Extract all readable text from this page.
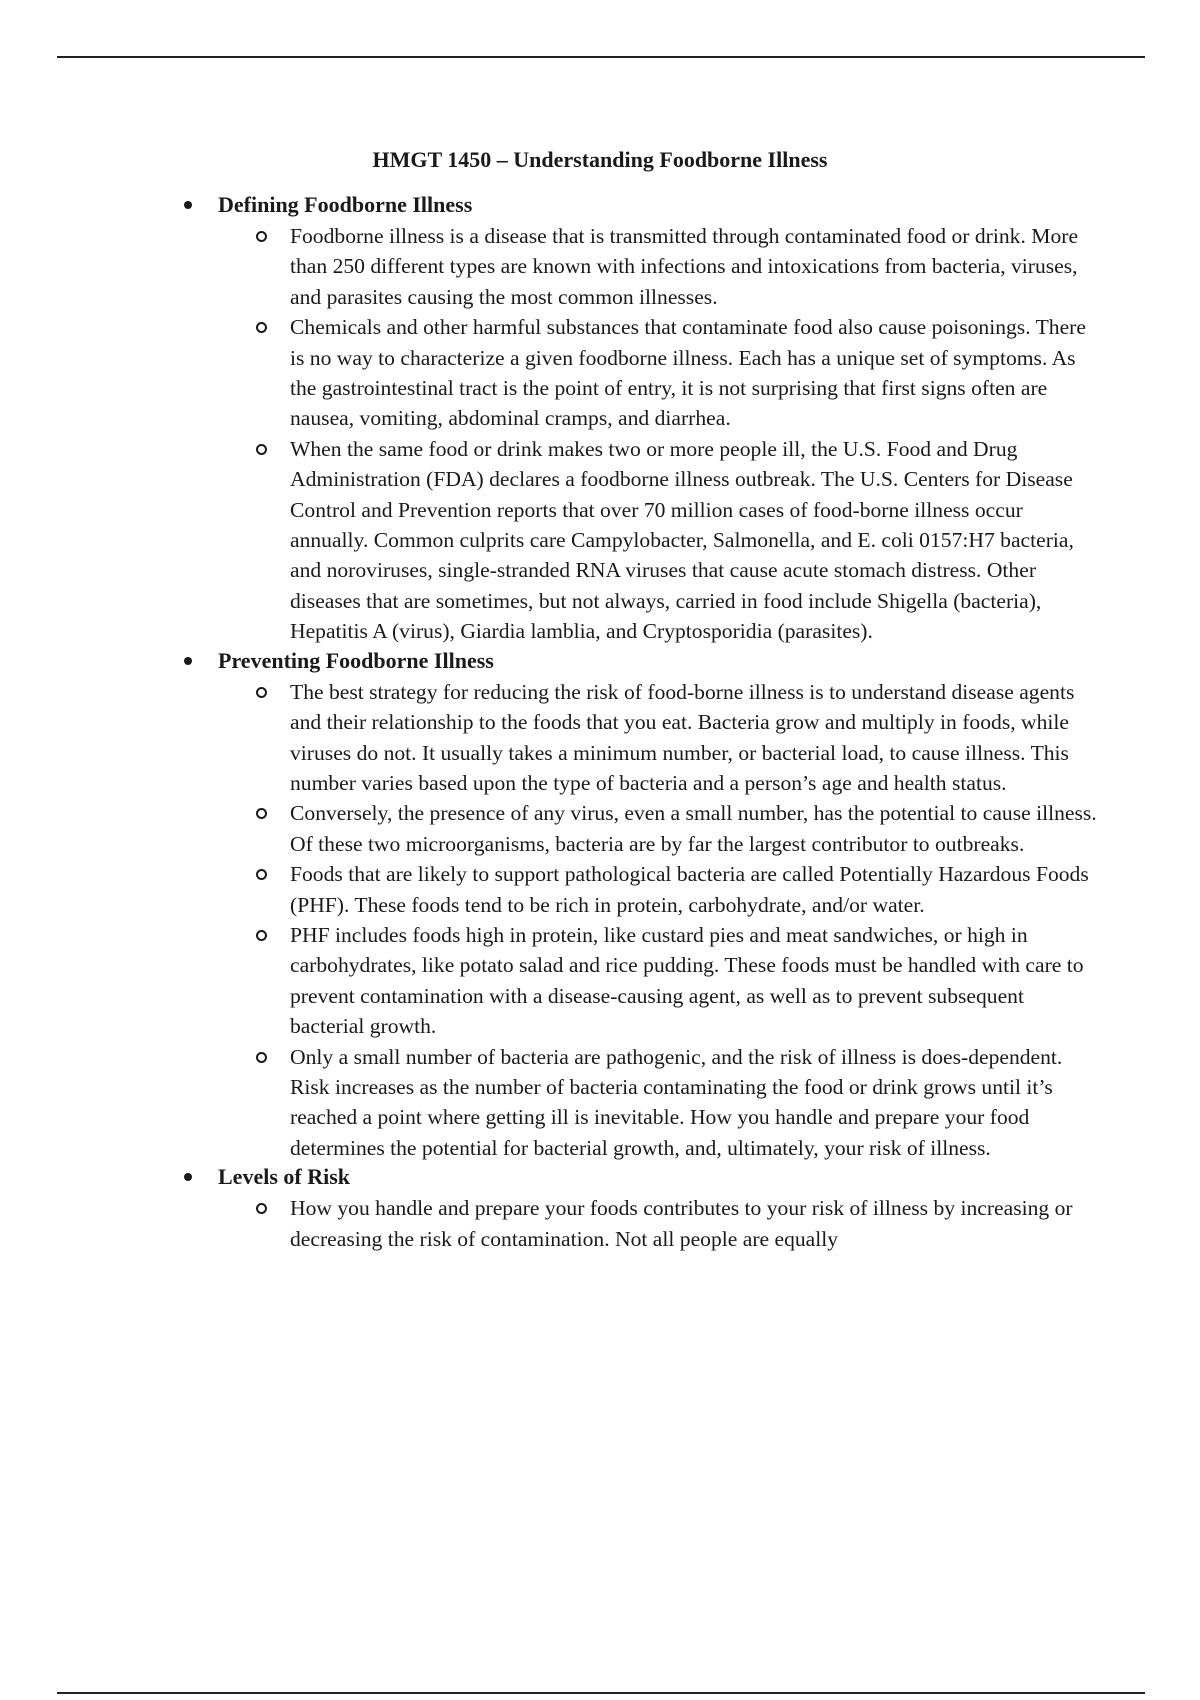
HMGT 1450 – Understanding Foodborne Illness
Defining Foodborne Illness
Foodborne illness is a disease that is transmitted through contaminated food or drink. More than 250 different types are known with infections and intoxications from bacteria, viruses, and parasites causing the most common illnesses.
Chemicals and other harmful substances that contaminate food also cause poisonings. There is no way to characterize a given foodborne illness. Each has a unique set of symptoms. As the gastrointestinal tract is the point of entry, it is not surprising that first signs often are nausea, vomiting, abdominal cramps, and diarrhea.
When the same food or drink makes two or more people ill, the U.S. Food and Drug Administration (FDA) declares a foodborne illness outbreak. The U.S. Centers for Disease Control and Prevention reports that over 70 million cases of food-borne illness occur annually. Common culprits care Campylobacter, Salmonella, and E. coli 0157:H7 bacteria, and noroviruses, single-stranded RNA viruses that cause acute stomach distress. Other diseases that are sometimes, but not always, carried in food include Shigella (bacteria), Hepatitis A (virus), Giardia lamblia, and Cryptosporidia (parasites).
Preventing Foodborne Illness
The best strategy for reducing the risk of food-borne illness is to understand disease agents and their relationship to the foods that you eat. Bacteria grow and multiply in foods, while viruses do not. It usually takes a minimum number, or bacterial load, to cause illness. This number varies based upon the type of bacteria and a person’s age and health status.
Conversely, the presence of any virus, even a small number, has the potential to cause illness. Of these two microorganisms, bacteria are by far the largest contributor to outbreaks.
Foods that are likely to support pathological bacteria are called Potentially Hazardous Foods (PHF). These foods tend to be rich in protein, carbohydrate, and/or water.
PHF includes foods high in protein, like custard pies and meat sandwiches, or high in carbohydrates, like potato salad and rice pudding. These foods must be handled with care to prevent contamination with a disease-causing agent, as well as to prevent subsequent bacterial growth.
Only a small number of bacteria are pathogenic, and the risk of illness is does-dependent. Risk increases as the number of bacteria contaminating the food or drink grows until it’s reached a point where getting ill is inevitable. How you handle and prepare your food determines the potential for bacterial growth, and, ultimately, your risk of illness.
Levels of Risk
How you handle and prepare your foods contributes to your risk of illness by increasing or decreasing the risk of contamination. Not all people are equally
